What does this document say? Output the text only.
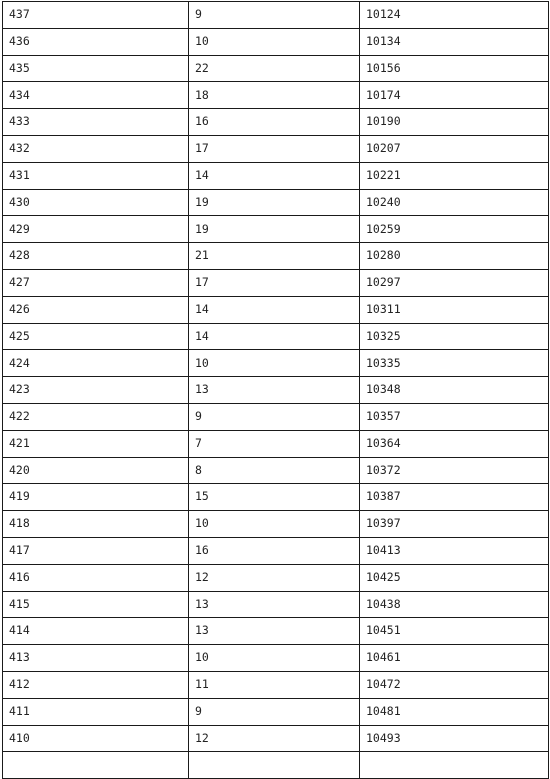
437	9	10124
436	10	10134
435	22	10156
434	18	10174
433	16	10190
432	17	10207
431	14	10221
430	19	10240
429	19	10259
428	21	10280
427	17	10297
426	14	10311
425	14	10325
424	10	10335
423	13	10348
422	9	10357
421	7	10364
420	8	10372
419	15	10387
418	10	10397
417	16	10413
416	12	10425
415	13	10438
414	13	10451
413	10	10461
412	11	10472
411	9	10481
410	12	10493
